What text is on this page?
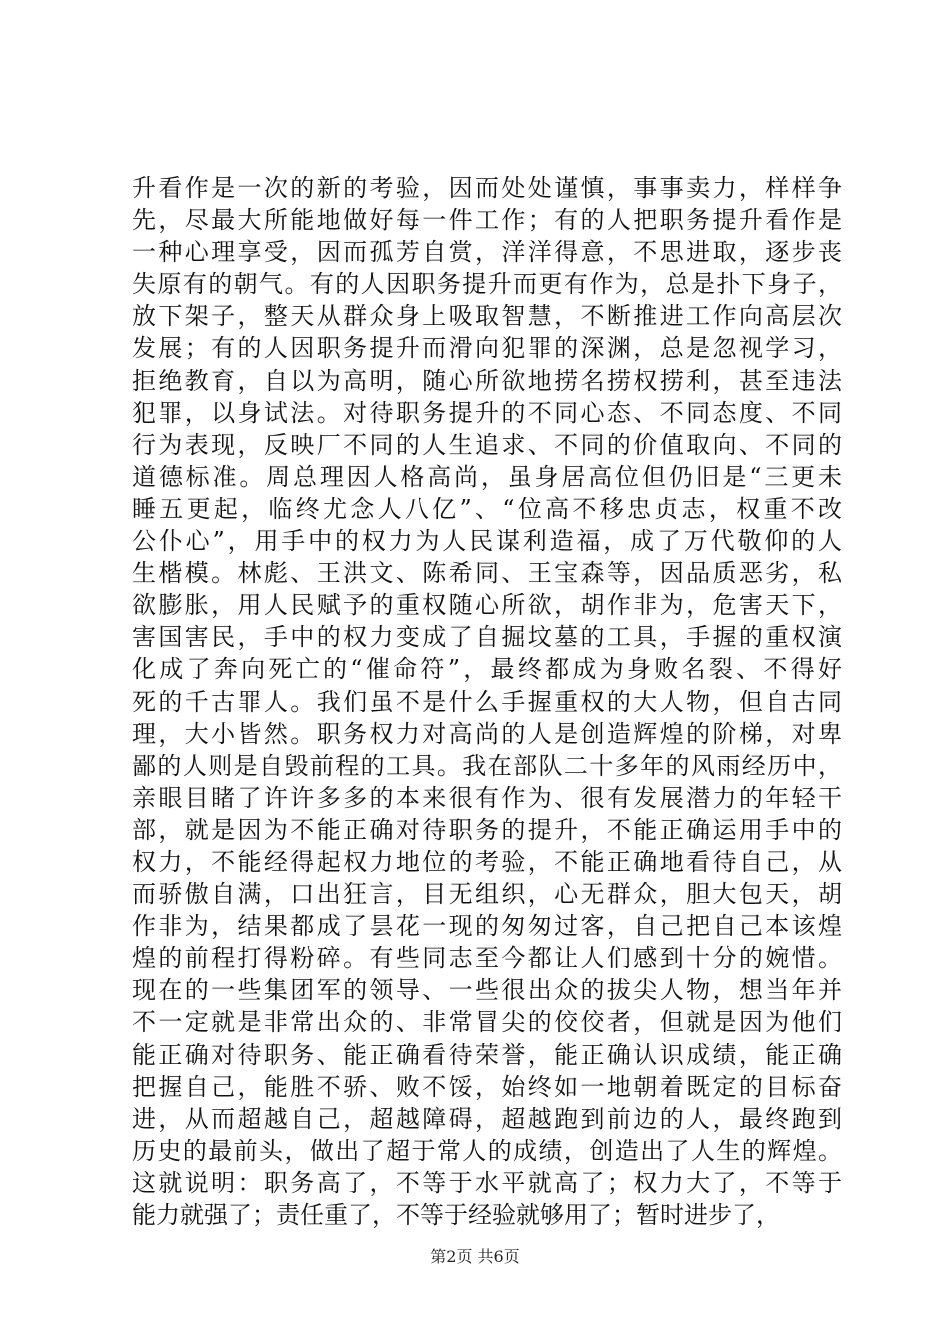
升看作是一次的新的考验，因而处处谨慎，事事卖力，样样争
先，尽最大所能地做好每一件工作；有的人把职务提升看作是
一种心理享受，因而孤芳自赏，洋洋得意，不思进取，逐步丧
失原有的朝气。有的人因职务提升而更有作为，总是扑下身子，
放下架子，整天从群众身上吸取智慧，不断推进工作向高层次
发展；有的人因职务提升而滑向犯罪的深渊，总是忽视学习，
拒绝教育，自以为高明，随心所欲地捞名捞权捞利，甚至违法
犯罪，以身试法。对待职务提升的不同心态、不同态度、不同
行为表现，反映厂不同的人生追求、不同的价值取向、不同的
道德标准。周总理因人格高尚，虽身居高位但仍旧是“三更未
睡五更起，临终尤念人八亿”、“位高不移忠贞志，权重不改
公仆心”，用手中的权力为人民谋利造福，成了万代敬仰的人
生楷模。林彪、王洪文、陈希同、王宝森等，因品质恶劣，私
欲膨胀，用人民赋予的重权随心所欲，胡作非为，危害天下，
害国害民，手中的权力变成了自掘坟墓的工具，手握的重权演
化成了奔向死亡的“催命符”，最终都成为身败名裂、不得好
死的千古罪人。我们虽不是什么手握重权的大人物，但自古同
理，大小皆然。职务权力对高尚的人是创造辉煌的阶梯，对卑
鄙的人则是自毁前程的工具。我在部队二十多年的风雨经历中，
亲眼目睹了许许多多的本来很有作为、很有发展潜力的年轻干
部，就是因为不能正确对待职务的提升，不能正确运用手中的
权力，不能经得起权力地位的考验，不能正确地看待自己，从
而骄傲自满，口出狂言，目无组织，心无群众，胆大包天，胡
作非为，结果都成了昙花一现的匆匆过客，自己把自己本该煌
煌的前程打得粉碎。有些同志至今都让人们感到十分的婉惜。
现在的一些集团军的领导、一些很出众的拔尖人物，想当年并
不一定就是非常出众的、非常冒尖的佼佼者，但就是因为他们
能正确对待职务、能正确看待荣誉，能正确认识成绩，能正确
把握自己，能胜不骄、败不馁，始终如一地朝着既定的目标奋
进，从而超越自己，超越障碍，超越跑到前边的人，最终跑到
历史的最前头，做出了超于常人的成绩，创造出了人生的辉煌。
这就说明：职务高了，不等于水平就高了；权力大了，不等于
能力就强了；责任重了，不等于经验就够用了；暂时进步了，
第2页 共6页
